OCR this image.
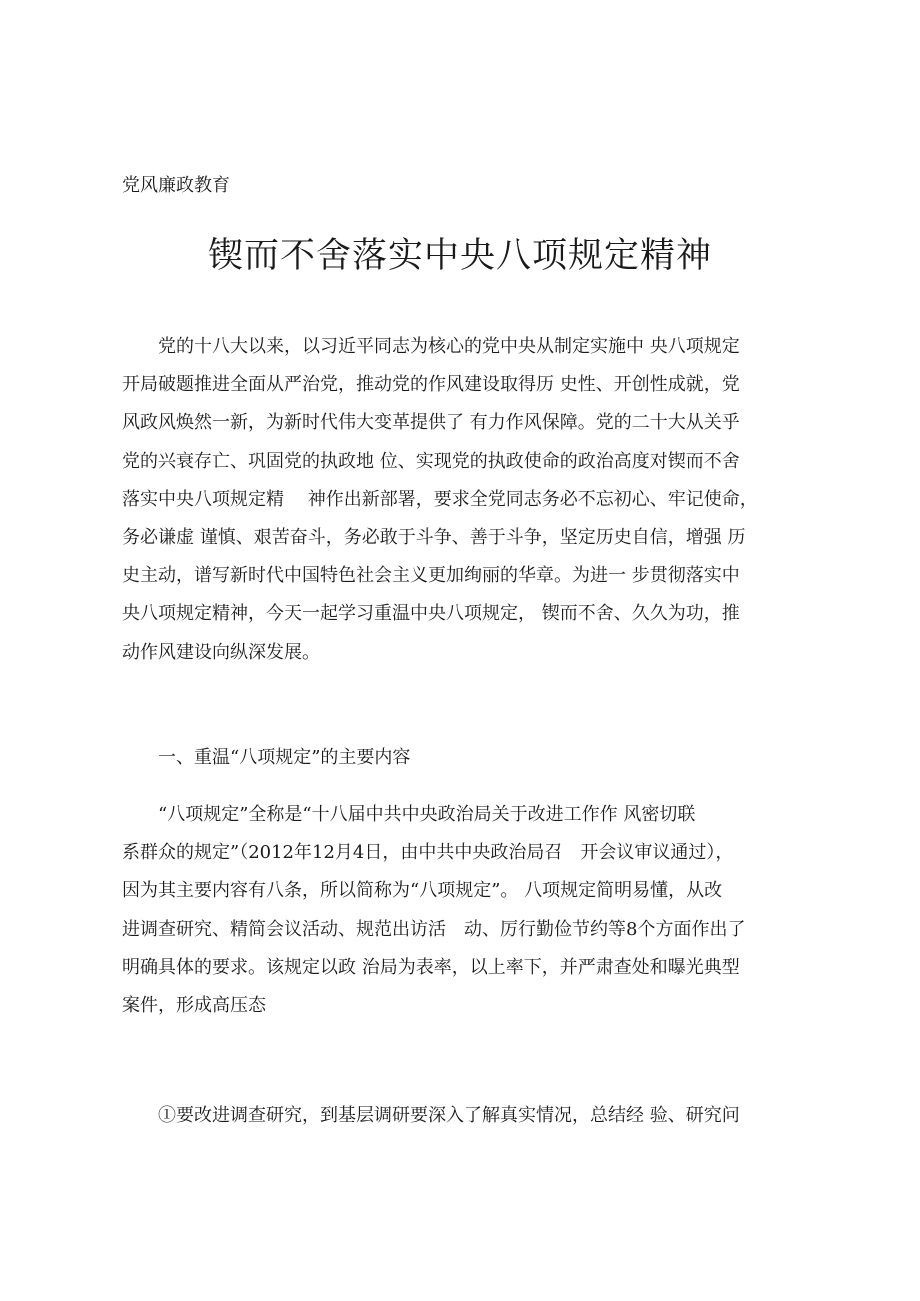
党风廉政教育
锲而不舍落实中央八项规定精神
　　党的十八大以来，以习近平同志为核心的党中央从制定实施中 央八项规定
开局破题推进全面从严治党，推动党的作风建设取得历 史性、开创性成就，党
风政风焕然一新，为新时代伟大变革提供了 有力作风保障。党的二十大从关乎
党的兴衰存亡、巩固党的执政地 位、实现党的执政使命的政治高度对锲而不舍
落实中央八项规定精　 神作出新部署，要求全党同志务必不忘初心、牢记使命，
务必谦虚 谨慎、艰苦奋斗，务必敢于斗争、善于斗争，坚定历史自信，增强 历
史主动，谱写新时代中国特色社会主义更加绚丽的华章。为进一 步贯彻落实中
央八项规定精神，今天一起学习重温中央八项规定， 锲而不舍、久久为功，推
动作风建设向纵深发展。
　　一、重温“八项规定”的主要内容
　　“八项规定”全称是“十八届中共中央政治局关于改进工作作 风密切联
系群众的规定”（2012年12月4日，由中共中央政治局召　开会议审议通过），
因为其主要内容有八条，所以简称为“八项规定”。 八项规定简明易懂，从改
进调查研究、精简会议活动、规范出访活　动、厉行勤俭节约等8个方面作出了
明确具体的要求。该规定以政 治局为表率，以上率下，并严肃查处和曝光典型
案件，形成高压态
　　①要改进调查研究，到基层调研要深入了解真实情况，总结经 验、研究问
